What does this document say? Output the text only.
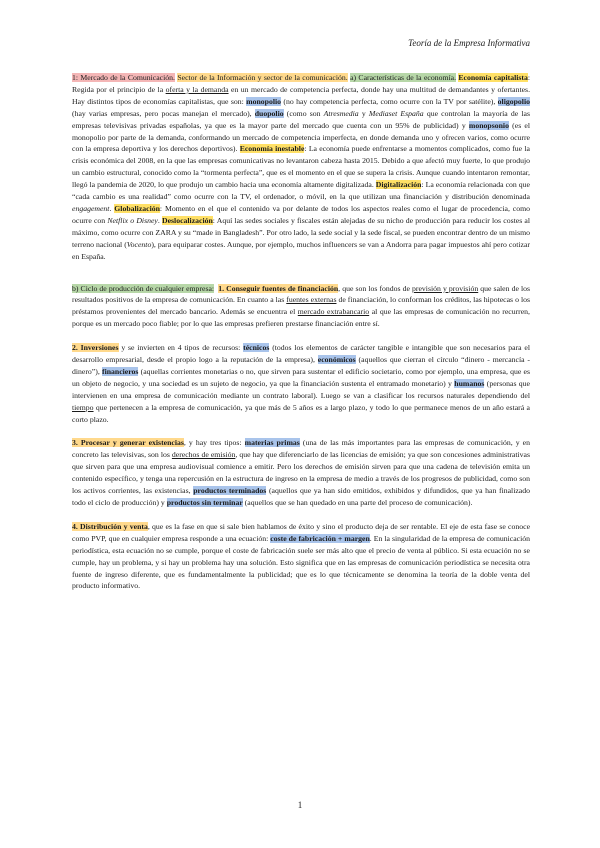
Teoría de la Empresa Informativa

1: Mercado de la Comunicación. Sector de la Información y sector de la comunicación. a) Características de la economía. Economía capitalista: Regida por el principio de la oferta y la demanda en un mercado de competencia perfecta, donde hay una multitud de demandantes y ofertantes. Hay distintos tipos de economías capitalistas, que son: monopolio (no hay competencia perfecta, como ocurre con la TV por satélite), oligopolio (hay varias empresas, pero pocas manejan el mercado), duopolio (como son Atresmedia y Mediaset España que controlan la mayoría de las empresas televisivas privadas españolas, ya que es la mayor parte del mercado que cuenta con un 95% de publicidad) y monopsonio (es el monopolio por parte de la demanda, conformando un mercado de competencia imperfecta, en donde demanda uno y ofrecen varios, como ocurre con la empresa deportiva y los derechos deportivos). Economía inestable: La economía puede enfrentarse a momentos complicados, como fue la crisis económica del 2008, en la que las empresas comunicativas no levantaron cabeza hasta 2015. Debido a que afectó muy fuerte, lo que produjo un cambio estructural, conocido como la “tormenta perfecta”, que es el momento en el que se supera la crisis. Aunque cuando intentaron remontar, llegó la pandemia de 2020, lo que produjo un cambio hacia una economía altamente digitalizada. Digitalización: La economía relacionada con que “cada cambio es una realidad” como ocurre con la TV, el ordenador, o móvil, en la que utilizan una financiación y distribución denominada engagement. Globalización: Momento en el que el contenido va por delante de todos los aspectos reales como el lugar de procedencia, como ocurre con Netflix o Disney. Deslocalización: Aquí las sedes sociales y fiscales están alejadas de su nicho de producción para reducir los costes al máximo, como ocurre con ZARA y su “made in Bangladesh”. Por otro lado, la sede social y la sede fiscal, se pueden encontrar dentro de un mismo terreno nacional (Vocento), para equiparar costes. Aunque, por ejemplo, muchos influencers se van a Andorra para pagar impuestos ahí pero cotizar en España.

b) Ciclo de producción de cualquier empresa: 1. Conseguir fuentes de financiación, que son los fondos de previsión y provisión que salen de los resultados positivos de la empresa de comunicación. En cuanto a las fuentes externas de financiación, lo conforman los créditos, las hipotecas o los préstamos provenientes del mercado bancario. Además se encuentra el mercado extrabancario al que las empresas de comunicación no recurren, porque es un mercado poco fiable; por lo que las empresas prefieren prestarse financiación entre sí.

2. Inversiones y se invierten en 4 tipos de recursos: técnicos (todos los elementos de carácter tangible e intangible que son necesarios para el desarrollo empresarial, desde el propio logo a la reputación de la empresa), económicos (aquellos que cierran el círculo “dinero - mercancía - dinero”), financieros (aquellas corrientes monetarias o no, que sirven para sustentar el edificio societario, como por ejemplo, una empresa, que es un objeto de negocio, y una sociedad es un sujeto de negocio, ya que la financiación sustenta el entramado monetario) y humanos (personas que intervienen en una empresa de comunicación mediante un contrato laboral). Luego se van a clasificar los recursos naturales dependiendo del tiempo que pertenecen a la empresa de comunicación, ya que más de 5 años es a largo plazo, y todo lo que permanece menos de un año estará a corto plazo.

3. Procesar y generar existencias, y hay tres tipos: materias primas (una de las más importantes para las empresas de comunicación, y en concreto las televisivas, son los derechos de emisión, que hay que diferenciarlo de las licencias de emisión; ya que son concesiones administrativas que sirven para que una empresa audiovisual comience a emitir. Pero los derechos de emisión sirven para que una cadena de televisión emita un contenido específico, y tenga una repercusión en la estructura de ingreso en la empresa de medio a través de los progresos de publicidad, como son los activos corrientes, las existencias, productos terminados (aquellos que ya han sido emitidos, exhibidos y difundidos, que ya han finalizado todo el ciclo de producción) y productos sin terminar (aquellos que se han quedado en una parte del proceso de comunicación).

4. Distribución y venta, que es la fase en que si sale bien hablamos de éxito y sino el producto deja de ser rentable. El eje de esta fase se conoce como PVP, que en cualquier empresa responde a una ecuación: coste de fabricación + margen. En la singularidad de la empresa de comunicación periodística, esta ecuación no se cumple, porque el coste de fabricación suele ser más alto que el precio de venta al público. Si esta ecuación no se cumple, hay un problema, y si hay un problema hay una solución. Esto significa que en las empresas de comunicación periodística se necesita otra fuente de ingreso diferente, que es fundamentalmente la publicidad; que es lo que técnicamente se denomina la teoría de la doble venta del producto informativo.

1
